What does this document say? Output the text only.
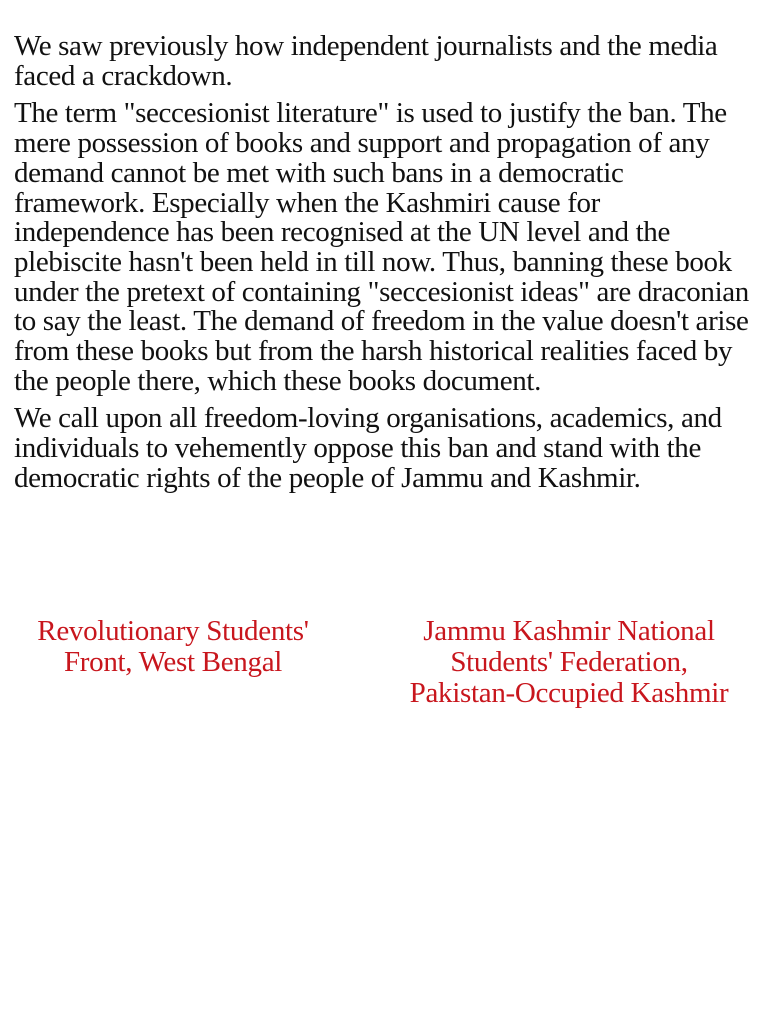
We saw previously how independent journalists and the media faced a crackdown.

The term "seccesionist literature" is used to justify the ban. The mere possession of books and support and propagation of any demand cannot be met with such bans in a democratic framework. Especially when the Kashmiri cause for independence has been recognised at the UN level and the plebiscite hasn't been held in till now. Thus, banning these book under the pretext of containing "seccesionist ideas" are draconian to say the least. The demand of freedom in the value doesn't arise from these books but from the harsh historical realities faced by the people there, which these books document.

We call upon all freedom-loving organisations, academics, and individuals to vehemently oppose this ban and stand with the democratic rights of the people of Jammu and Kashmir.

Revolutionary Students'
Front, West Bengal
Jammu Kashmir National
Students' Federation,
Pakistan-Occupied Kashmir
